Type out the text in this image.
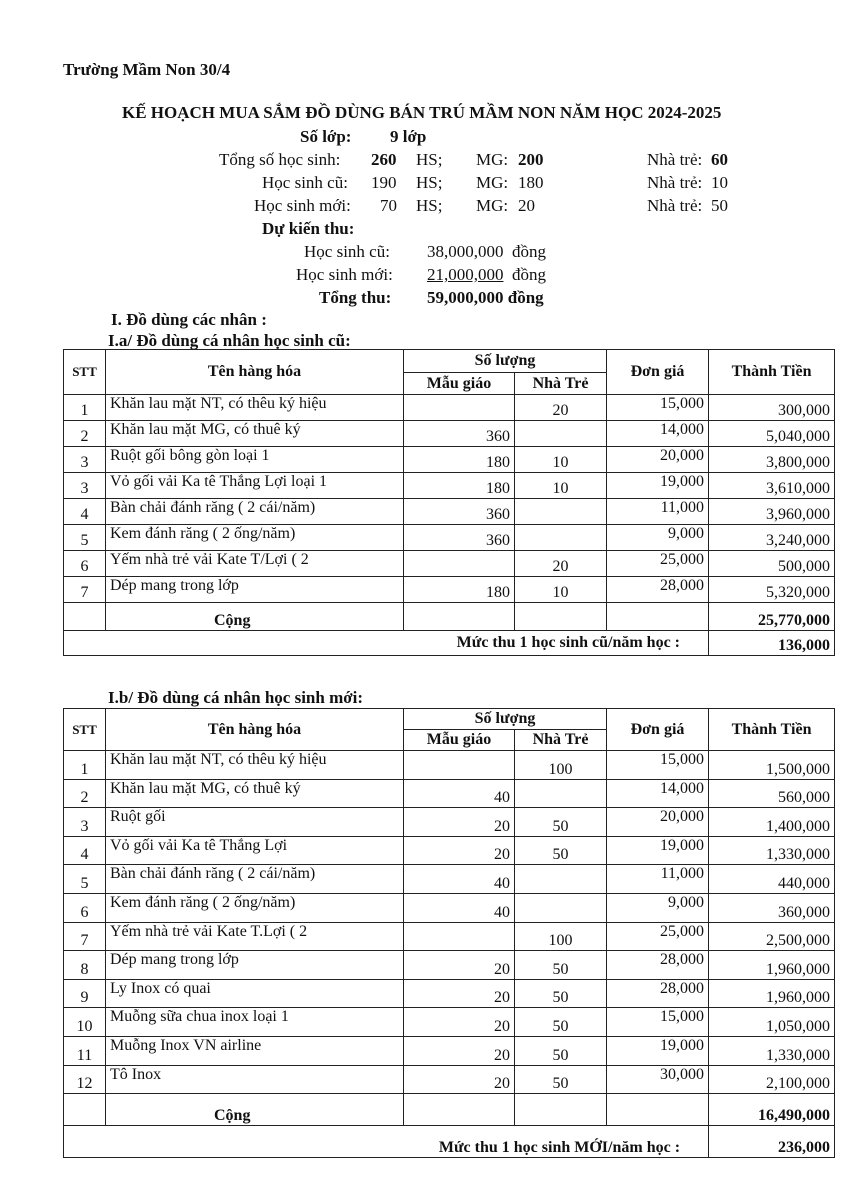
Trường Mầm Non 30/4
KẾ HOẠCH MUA SẮM ĐỒ DÙNG BÁN TRÚ MẦM NON NĂM HỌC 2024-2025
Số lớp: 9 lớp
Tổng số học sinh: 260 HS; MG: 200	Nhà trẻ: 60
Học sinh cũ: 190 HS; MG: 180	Nhà trẻ: 10
Học sinh mới: 70 HS; MG: 20	Nhà trẻ: 50
Dự kiến thu:
Học sinh cũ: 38,000,000 đồng
Học sinh mới: 21,000,000 đồng
Tổng thu: 59,000,000 đồng
I. Đồ dùng các nhân :
I.a/ Đồ dùng cá nhân học sinh cũ:
STT	Tên hàng hóa	Số lượng		Đơn giá	Thành Tiền
		Mẫu giáo	Nhà Trẻ		
1	Khăn lau mặt NT, có thêu ký hiệu		20	15,000	300,000
2	Khăn lau mặt MG, có thuê ký	360		14,000	5,040,000
3	Ruột gối bông gòn loại 1	180	10	20,000	3,800,000
3	Vỏ gối vải Ka tê Thắng Lợi loại 1	180	10	19,000	3,610,000
4	Bàn chải đánh răng ( 2 cái/năm)	360		11,000	3,960,000
5	Kem đánh răng ( 2 ống/năm)	360		9,000	3,240,000
6	Yếm nhà trẻ vải Kate T/Lợi ( 2		20	25,000	500,000
7	Dép mang trong lớp	180	10	28,000	5,320,000
	Cộng				25,770,000
Mức thu 1 học sinh cũ/năm học :					136,000
I.b/ Đồ dùng cá nhân học sinh mới:
STT	Tên hàng hóa	Số lượng		Đơn giá	Thành Tiền
		Mẫu giáo	Nhà Trẻ		
1	Khăn lau mặt NT, có thêu ký hiệu		100	15,000	1,500,000
2	Khăn lau mặt MG, có thuê ký	40		14,000	560,000
3	Ruột gối	20	50	20,000	1,400,000
4	Vỏ gối vải Ka tê Thắng Lợi	20	50	19,000	1,330,000
5	Bàn chải đánh răng ( 2 cái/năm)	40		11,000	440,000
6	Kem đánh răng ( 2 ống/năm)	40		9,000	360,000
7	Yếm nhà trẻ vải Kate T.Lợi ( 2		100	25,000	2,500,000
8	Dép mang trong lớp	20	50	28,000	1,960,000
9	Ly Inox có quai	20	50	28,000	1,960,000
10	Muỗng sữa chua inox loại 1	20	50	15,000	1,050,000
11	Muỗng Inox VN airline	20	50	19,000	1,330,000
12	Tô Inox	20	50	30,000	2,100,000
	Cộng				16,490,000
Mức thu 1 học sinh MỚI/năm học :					236,000
